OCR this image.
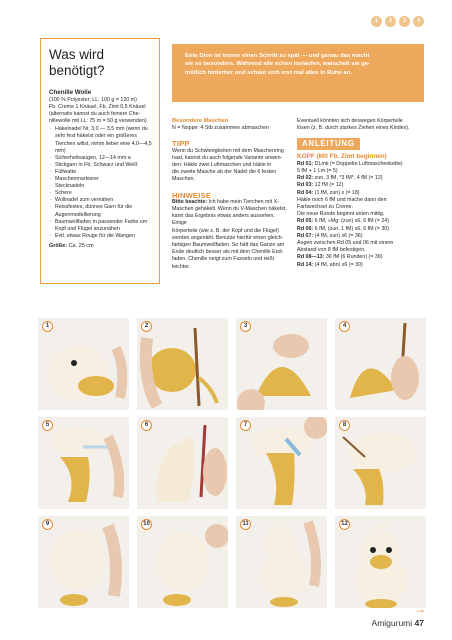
1	2	3	4
Was wird benötigt?
Chenille Wolle
(100 % Polyester; LL: 100 g = 120 m)
Fb. Creme 1 Knäuel, Fb. Zimt 0,5 Knäuel
(alternativ kannst du auch feinere Che-
nillewolle mit LL: 75 m = 50 g verwenden)
· Häkelnadel Nr. 3,0 — 3,5 mm (wenn du sehr fest häkelst oder ein größeres Tierchen willst, nimm lieber eine 4,0—4,5 mm)
· Sicherheitsaugen, 12—14 mm a
· Stickgarn in Fb. Schwarz und Weiß
· Füllwatte
· Maschenmarkierer
· Stecknadeln
· Schere
· Wollnadel zum vernähen
· Reissfestes, dünnes Garn für die Augenmodellierung
· Baumwollfaden in passender Farbe um Kopf und Flügel anzunähen
· Evtl. etwas Rouge für die Wangen
Größe: Ca. 25 cm

Ente Dion ist immer einen Schritt zu spät — und genau das macht

sie so besonders. Während alle schon loslaufen, watschelt sie ge-

mütlich hinterher und schaut sich erst mal alles in Ruhe an.

Besondere Maschen
N = Noppe: 4 Stb zusammen abmaschen
TIPP
Wenn du Schwierigkeiten mit dem Maschenring
hast, kannst du auch folgende Variante anwen-
den: Häkle zwei Luftmaschen und häkle in
die zweite Masche ab der Nadel die 6 festen
Maschen.
HINWEISE
Bitte beachte: Ich habe mein Tierchen mit X-
Maschen gehäkelt. Wenn du V-Maschen häkelst,
kann das Ergebnis etwas anders aussehen. Einige
Körperteile (wie z. B. der Kopf und die Flügel)
werden angenäht. Benutze hierfür einen gleich-
farbigen Baumwollfaden. So hält das Ganze am
Ende deutlich besser als mit dem Chenille End-
faden. Chenille neigt zum Fusseln und reißt leichter.
Eventuell könnten sich deswegen Körperteile
lösen (z. B. durch starkes Ziehen eines Kindes).
ANLEITUNG
KOPF (Mit Fb. Zimt beginnen)
Rd 01: DLmk (= Doppelte Luftmaschenkette)
5 fM + 1 Lm (= 5)
Rd 02: zun, 3 fM, *3 fM*, 4 fM (= 12)
Rd 03: 12 fM (= 12)
Rd 04: (1 fM, zun) x (= 18)
Häkle noch 6 fM und mache dann den
Farbwechsel zu Creme.
Die neue Runde beginnt unten mittig.
Rd 05: 6 fM, »Mg: (zun) x6, 6 fM (= 24)
Rd 06: 6 fM, (zun, 1 fM) x6, 6 fM (= 30)
Rd 07: (4 fM, zun) x6 (= 36)
Augen zwischen Rd 05 und 06 mit einem
Abstand von 8 fM befestigen.
Rd 08—13: 36 fM (6 Runden) (= 36)
Rd 14: (4 fM, abn) x6 (= 30)
1	2	3	4
5	6	7	8
9	10	11	12
→
Amigurumi 47
